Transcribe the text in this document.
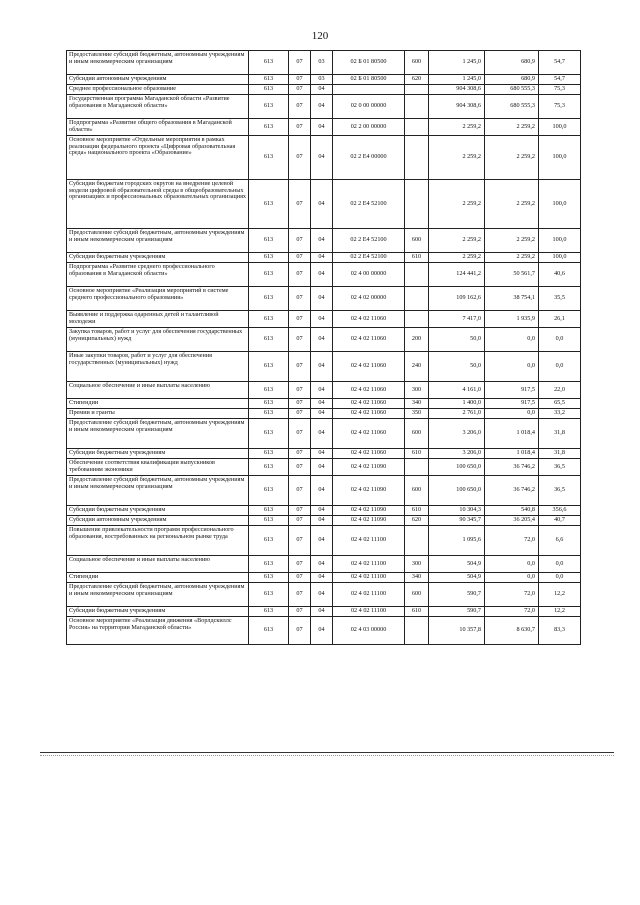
120
Предоставление субсидий бюджетным, автономным учреждениям и иным некоммерческим организациям	613	07	03	02 Б 01 80500	600	1 245,0	680,9	54,7
Субсидии автономным учреждениям	613	07	03	02 Б 01 80500	620	1 245,0	680,9	54,7
Среднее профессиональное образование	613	07	04			904 308,6	680 555,3	75,3
Государственная программа Магаданской области «Развитие образования в Магаданской области»	613	07	04	02 0 00 00000		904 308,6	680 555,3	75,3
Подпрограмма «Развитие общего образования в Магаданской области»	613	07	04	02 2 00 00000		2 259,2	2 259,2	100,0
Основное мероприятие «Отдельные мероприятия в рамках реализации федерального проекта «Цифровая образовательная среда» национального проекта «Образование»	613	07	04	02 2 E4 00000		2 259,2	2 259,2	100,0
Субсидии бюджетам городских округов на внедрение целевой модели цифровой образовательной среды в общеобразовательных организациях и профессиональных образовательных организациях	613	07	04	02 2 E4 52100		2 259,2	2 259,2	100,0
Предоставление субсидий бюджетным, автономным учреждениям и иным некоммерческим организациям	613	07	04	02 2 E4 52100	600	2 259,2	2 259,2	100,0
Субсидии бюджетным учреждениям	613	07	04	02 2 E4 52100	610	2 259,2	2 259,2	100,0
Подпрограмма «Развитие среднего профессионального образования в Магаданской области»	613	07	04	02 4 00 00000		124 441,2	50 561,7	40,6
Основное мероприятие «Реализация мероприятий в системе среднего профессионального образования»	613	07	04	02 4 02 00000		109 162,6	38 754,1	35,5
Выявление и поддержка одаренных детей и талантливой молодежи	613	07	04	02 4 02 11060		7 417,0	1 935,9	26,1
Закупка товаров, работ и услуг для обеспечения государственных (муниципальных) нужд	613	07	04	02 4 02 11060	200	50,0	0,0	0,0
Иные закупки товаров, работ и услуг для обеспечения государственных (муниципальных) нужд	613	07	04	02 4 02 11060	240	50,0	0,0	0,0
Социальное обеспечение и иные выплаты населению	613	07	04	02 4 02 11060	300	4 161,0	917,5	22,0
Стипендии	613	07	04	02 4 02 11060	340	1 400,0	917,5	65,5
Премии и гранты	613	07	04	02 4 02 11060	350	2 761,0	0,0	33,2
Предоставление субсидий бюджетным, автономным учреждениям и иным некоммерческим организациям	613	07	04	02 4 02 11060	600	3 206,0	1 018,4	31,8
Субсидии бюджетным учреждениям	613	07	04	02 4 02 11060	610	3 206,0	1 018,4	31,8
Обеспечение соответствия квалификации выпускников требованиям экономики	613	07	04	02 4 02 11090		100 650,0	36 746,2	36,5
Предоставление субсидий бюджетным, автономным учреждениям и иным некоммерческим организациям	613	07	04	02 4 02 11090	600	100 650,0	36 746,2	36,5
Субсидии бюджетным учреждениям	613	07	04	02 4 02 11090	610	10 304,3	540,8	356,6
Субсидии автономным учреждениям	613	07	04	02 4 02 11090	620	90 345,7	36 205,4	40,7
Повышение привлекательности программ профессионального образования, востребованных на региональном рынке труда	613	07	04	02 4 02 11100		1 095,6	72,0	6,6
Социальное обеспечение и иные выплаты населению	613	07	04	02 4 02 11100	300	504,9	0,0	0,0
Стипендии	613	07	04	02 4 02 11100	340	504,9	0,0	0,0
Предоставление субсидий бюджетным, автономным учреждениям и иным некоммерческим организациям	613	07	04	02 4 02 11100	600	590,7	72,0	12,2
Субсидии бюджетным учреждениям	613	07	04	02 4 02 11100	610	590,7	72,0	12,2
Основное мероприятие «Реализация движения «Ворлдскиллс Россия» на территории Магаданской области»	613	07	04	02 4 03 00000		10 357,8	8 630,7	83,3
